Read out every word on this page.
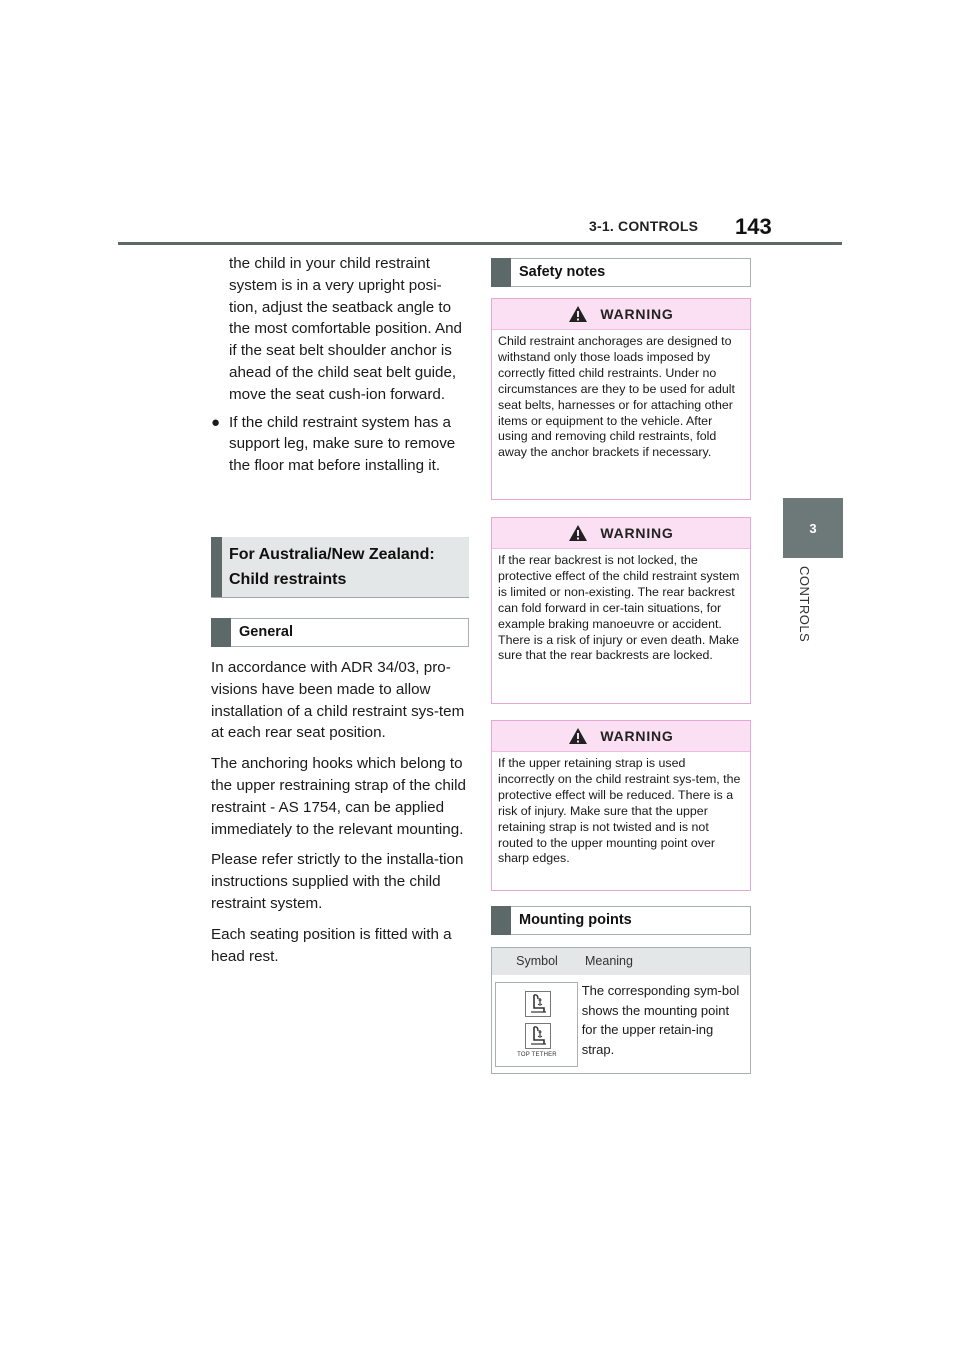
3-1. CONTROLS 143
3
CONTROLS
the child in your child restraint system is in a very upright posi-tion, adjust the seatback angle to the most comfortable position. And if the seat belt shoulder anchor is ahead of the child seat belt guide, move the seat cush-ion forward.
● If the child restraint system has a support leg, make sure to remove the floor mat before installing it.
For Australia/New Zealand: Child restraints
General
In accordance with ADR 34/03, pro-visions have been made to allow installation of a child restraint sys-tem at each rear seat position.
The anchoring hooks which belong to the upper restraining strap of the child restraint - AS 1754, can be applied immediately to the relevant mounting.
Please refer strictly to the installa-tion instructions supplied with the child restraint system.
Each seating position is fitted with a head rest.
Safety notes
WARNING
Child restraint anchorages are designed to withstand only those loads imposed by correctly fitted child restraints. Under no circumstances are they to be used for adult seat belts, harnesses or for attaching other items or equipment to the vehicle. After using and removing child restraints, fold away the anchor brackets if necessary.
WARNING
If the rear backrest is not locked, the protective effect of the child restraint system is limited or non-existing. The rear backrest can fold forward in cer-tain situations, for example braking manoeuvre or accident. There is a risk of injury or even death. Make sure that the rear backrests are locked.
WARNING
If the upper retaining strap is used incorrectly on the child restraint sys-tem, the protective effect will be reduced. There is a risk of injury. Make sure that the upper retaining strap is not twisted and is not routed to the upper mounting point over sharp edges.
Mounting points
Symbol	Meaning
TOP TETHER
The corresponding sym-bol shows the mounting point for the upper retain-ing strap.
